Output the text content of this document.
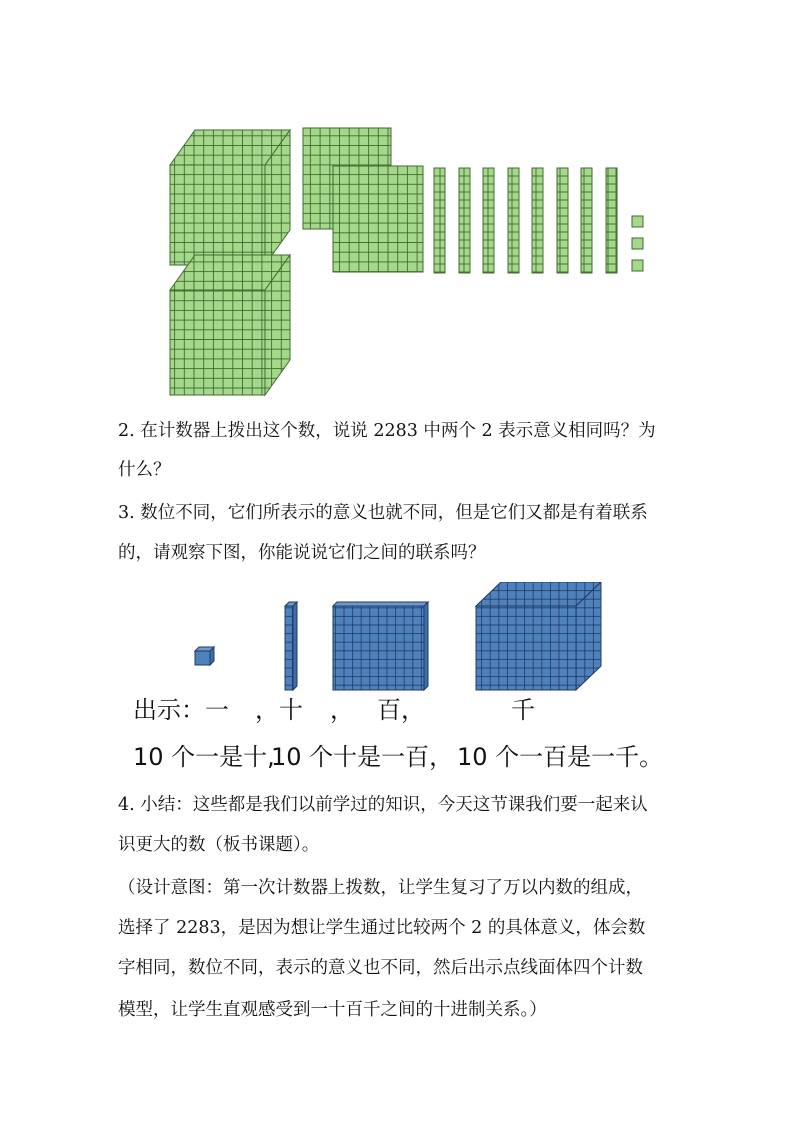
2. 在计数器上拨出这个数，说说 2283 中两个 2 表示意义相同吗？为
什么？
3. 数位不同，它们所表示的意义也就不同，但是它们又都是有着联系
的，请观察下图，你能说说它们之间的联系吗？
出示：一 ，十 ， 百，	千
10 个一是十,
10 个十是一百， 10 个一百是一千。
4. 小结：这些都是我们以前学过的知识，今天这节课我们要一起来认
识更大的数（板书课题）。
（设计意图：第一次计数器上拨数，让学生复习了万以内数的组成，
选择了 2283，是因为想让学生通过比较两个 2 的具体意义，体会数
字相同，数位不同，表示的意义也不同，然后出示点线面体四个计数
模型，让学生直观感受到一十百千之间的十进制关系。）
